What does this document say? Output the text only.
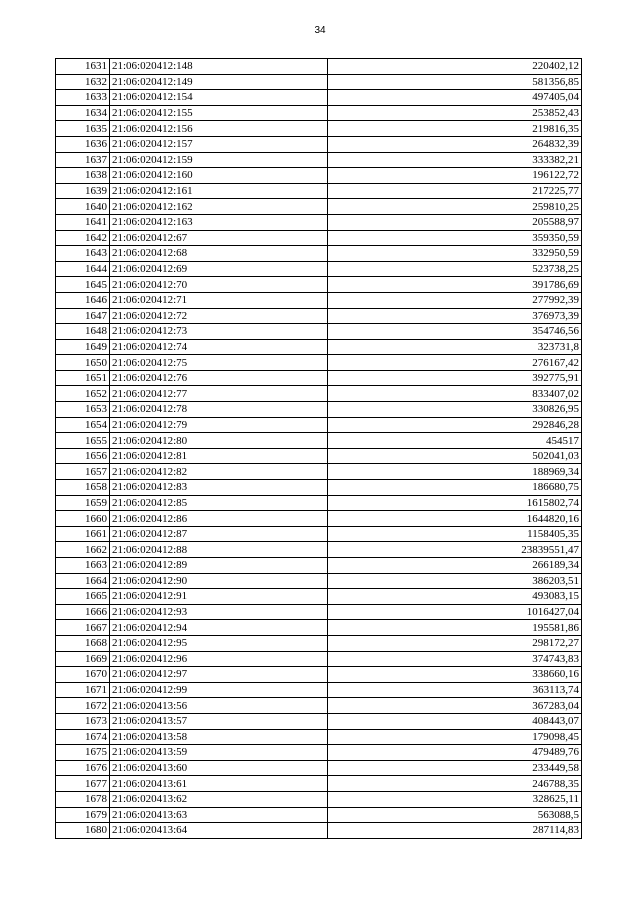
34
1631	21:06:020412:148	220402,12
1632	21:06:020412:149	581356,85
1633	21:06:020412:154	497405,04
1634	21:06:020412:155	253852,43
1635	21:06:020412:156	219816,35
1636	21:06:020412:157	264832,39
1637	21:06:020412:159	333382,21
1638	21:06:020412:160	196122,72
1639	21:06:020412:161	217225,77
1640	21:06:020412:162	259810,25
1641	21:06:020412:163	205588,97
1642	21:06:020412:67	359350,59
1643	21:06:020412:68	332950,59
1644	21:06:020412:69	523738,25
1645	21:06:020412:70	391786,69
1646	21:06:020412:71	277992,39
1647	21:06:020412:72	376973,39
1648	21:06:020412:73	354746,56
1649	21:06:020412:74	323731,8
1650	21:06:020412:75	276167,42
1651	21:06:020412:76	392775,91
1652	21:06:020412:77	833407,02
1653	21:06:020412:78	330826,95
1654	21:06:020412:79	292846,28
1655	21:06:020412:80	454517
1656	21:06:020412:81	502041,03
1657	21:06:020412:82	188969,34
1658	21:06:020412:83	186680,75
1659	21:06:020412:85	1615802,74
1660	21:06:020412:86	1644820,16
1661	21:06:020412:87	1158405,35
1662	21:06:020412:88	23839551,47
1663	21:06:020412:89	266189,34
1664	21:06:020412:90	386203,51
1665	21:06:020412:91	493083,15
1666	21:06:020412:93	1016427,04
1667	21:06:020412:94	195581,86
1668	21:06:020412:95	298172,27
1669	21:06:020412:96	374743,83
1670	21:06:020412:97	338660,16
1671	21:06:020412:99	363113,74
1672	21:06:020413:56	367283,04
1673	21:06:020413:57	408443,07
1674	21:06:020413:58	179098,45
1675	21:06:020413:59	479489,76
1676	21:06:020413:60	233449,58
1677	21:06:020413:61	246788,35
1678	21:06:020413:62	328625,11
1679	21:06:020413:63	563088,5
1680	21:06:020413:64	287114,83
